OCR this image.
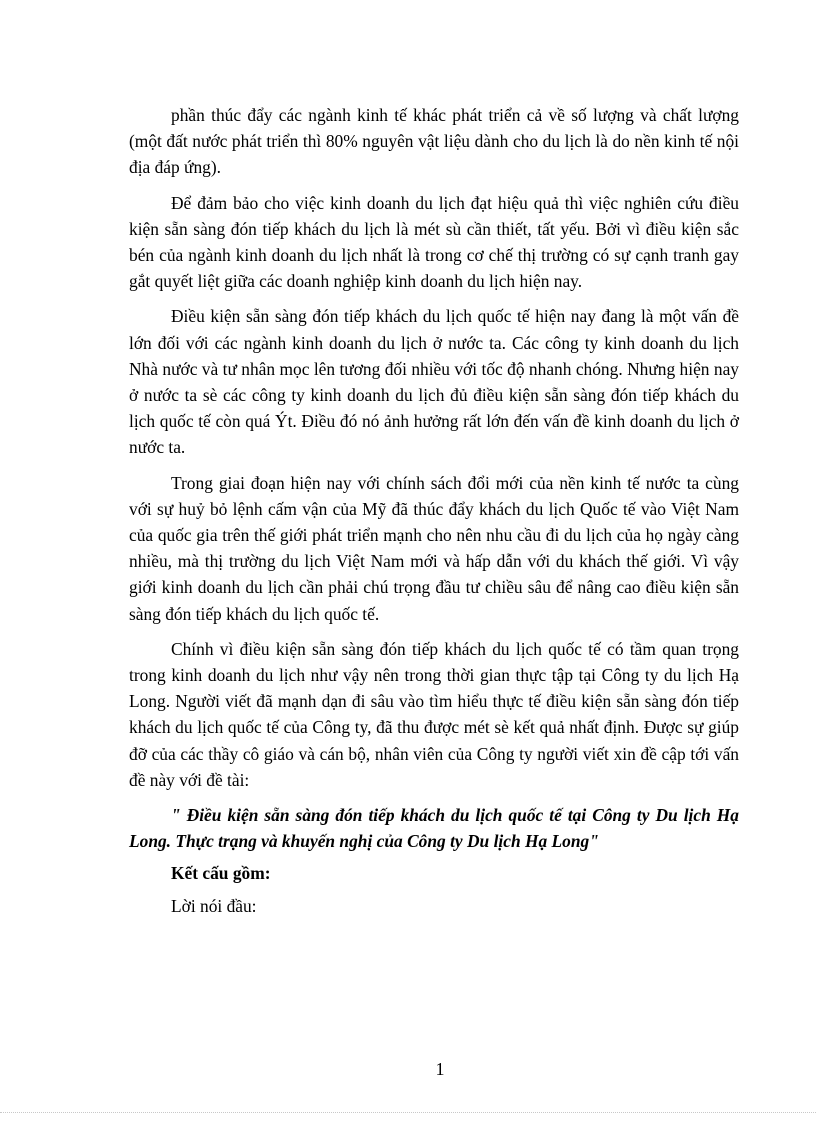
phần thúc đẩy các ngành kinh tế khác phát triển cả về số lượng và chất lượng (một đất nước phát triển thì 80% nguyên vật liệu dành cho du lịch là do nền kinh tế nội địa đáp ứng).

Để đảm bảo cho việc kinh doanh du lịch đạt hiệu quả thì việc nghiên cứu điều kiện sẵn sàng đón tiếp khách du lịch là mét sù cần thiết, tất yếu. Bởi vì điều kiện sắc bén của ngành kinh doanh du lịch nhất là trong cơ chế thị trường có sự cạnh tranh gay gắt quyết liệt giữa các doanh nghiệp kinh doanh du lịch hiện nay.

Điều kiện sẵn sàng đón tiếp khách du lịch quốc tế hiện nay đang là một vấn đề lớn đối với các ngành kinh doanh du lịch ở nước ta. Các công ty kinh doanh du lịch Nhà nước và tư nhân mọc lên tương đối nhiều với tốc độ nhanh chóng. Nhưng hiện nay ở nước ta sè các công ty kinh doanh du lịch đủ điều kiện sẵn sàng đón tiếp khách du lịch quốc tế còn quá Ýt. Điều đó nó ảnh hưởng rất lớn đến vấn đề kinh doanh du lịch ở nước ta.

Trong giai đoạn hiện nay với chính sách đổi mới của nền kinh tế nước ta cùng với sự huỷ bỏ lệnh cấm vận của Mỹ đã thúc đẩy khách du lịch Quốc tế vào Việt Nam của quốc gia trên thế giới phát triển mạnh cho nên nhu cầu đi du lịch của họ ngày càng nhiều, mà thị trường du lịch Việt Nam mới và hấp dẫn với du khách thế giới. Vì vậy giới kinh doanh du lịch cần phải chú trọng đầu tư chiều sâu để nâng cao điều kiện sẵn sàng đón tiếp khách du lịch quốc tế.

Chính vì điều kiện sẵn sàng đón tiếp khách du lịch quốc tế có tầm quan trọng trong kinh doanh du lịch như vậy nên trong thời gian thực tập tại Công ty du lịch Hạ Long. Người viết đã mạnh dạn đi sâu vào tìm hiểu thực tế điều kiện sẵn sàng đón tiếp khách du lịch quốc tế của Công ty, đã thu được mét sè kết quả nhất định. Được sự giúp đỡ của các thầy cô giáo và cán bộ, nhân viên của Công ty người viết xin đề cập tới vấn đề này với đề tài:

" Điều kiện sẵn sàng đón tiếp khách du lịch quốc tế tại Công ty Du lịch Hạ Long. Thực trạng và khuyến nghị của Công ty Du lịch Hạ Long"

Kết cấu gồm:

Lời nói đầu:

1
